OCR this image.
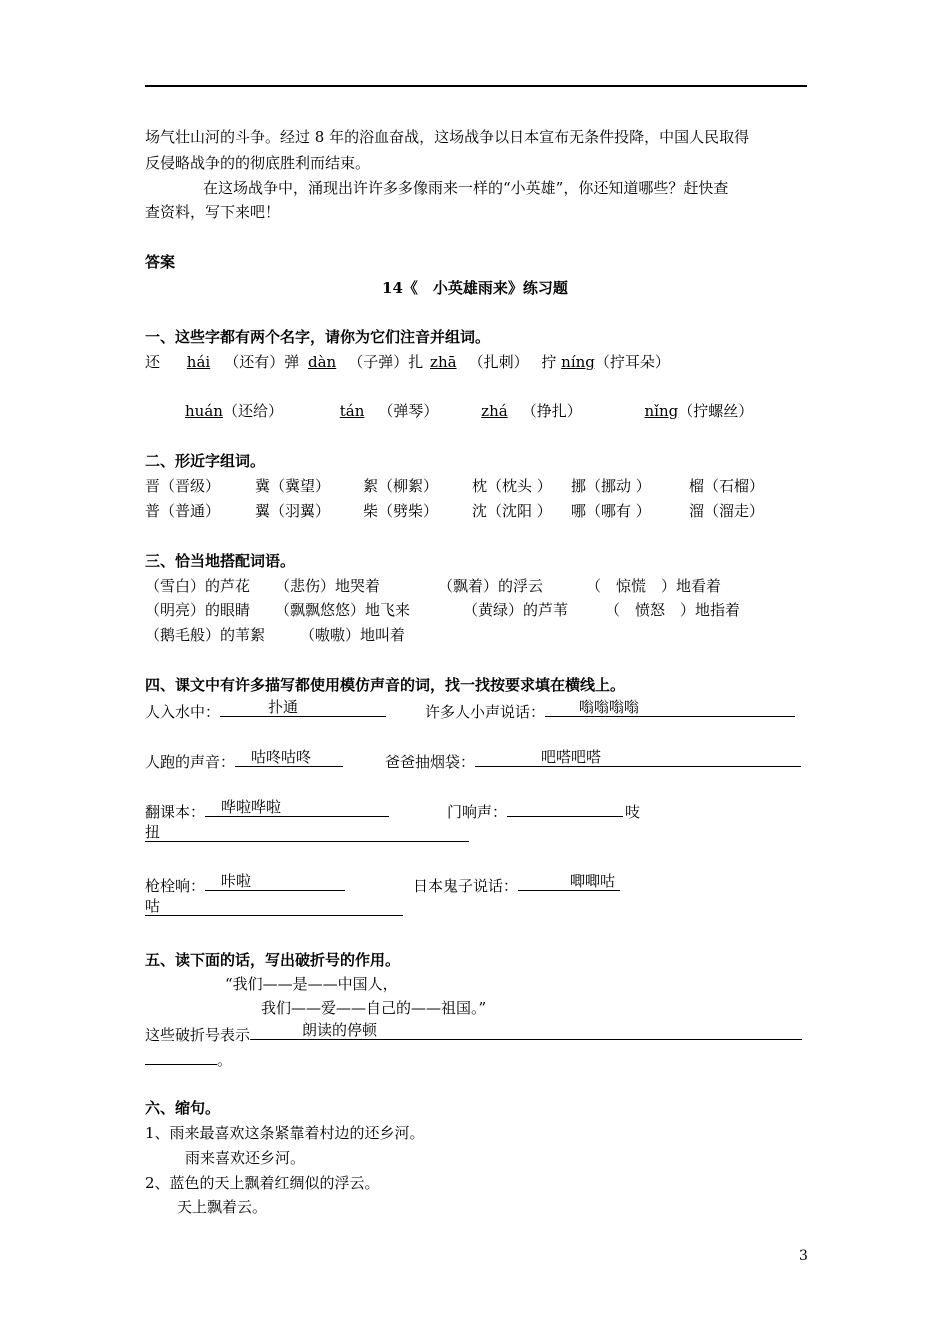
场气壮山河的斗争。经过 8 年的浴血奋战，这场战争以日本宣布无条件投降，中国人民取得
反侵略战争的的彻底胜利而结束。
在这场战争中，涌现出许许多多像雨来一样的“小英雄”，你还知道哪些？赶快查
查资料，写下来吧！
答案
14《　小英雄雨来》练习题
一、这些字都有两个名字，请你为它们注音并组词。
还 hái （还有）弹 dàn （子弹）扎 zhā （扎刺） 拧 níng（拧耳朵）
huán（还给）	tán （弹琴）	zhá （挣扎）	nǐng（拧螺丝）
二、形近字组词。
晋（晋级） 冀（冀望） 絮（柳絮） 枕（枕头 ） 挪（挪动 ）	榴（石榴）
普（普通） 翼（羽翼） 柴（劈柴） 沈（沈阳 ） 哪（哪有 ）	溜（溜走）
三、恰当地搭配词语。
（雪白）的芦花 （悲伤）地哭着	（飘着）的浮云	（　惊慌　）地看着
（明亮）的眼睛 （飘飘悠悠）地飞来	（黄绿）的芦苇 （　愤怒　）地指着
（鹅毛般）的苇絮 （嗷嗷）地叫着
四、课文中有许多描写都使用模仿声音的词，找一找按要求填在横线上。
人入水中：	扑通	许多人小声说话： 嗡嗡嗡嗡
人跑的声音： 咕咚咕咚	爸爸抽烟袋：	吧嗒吧嗒
翻课本： 哗啦哗啦	门响声：	吱
扭
枪栓响： 咔啦	日本鬼子说话：	唧唧咕
咕
五、读下面的话，写出破折号的作用。
“我们——是——中国人，
我们——爱——自己的——祖国。”
这些破折号表示	朗读的停顿
。
六、缩句。
1、雨来最喜欢这条紧靠着村边的还乡河。
雨来喜欢还乡河。
2、蓝色的天上飘着红绸似的浮云。
天上飘着云。
3
